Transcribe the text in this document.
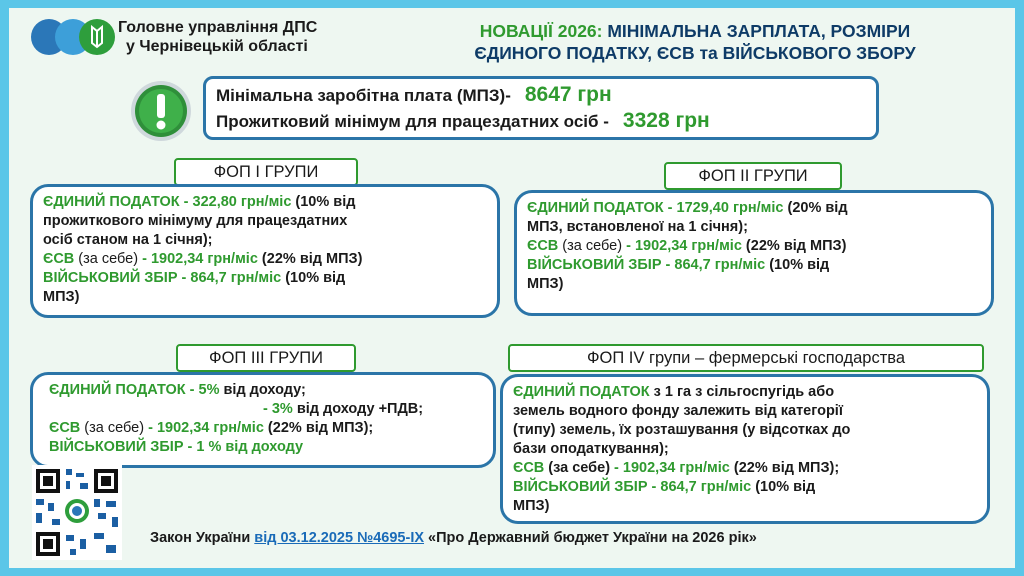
Головне управління ДПС
у Чернівецькій області
НОВАЦІЇ 2026: МІНІМАЛЬНА ЗАРПЛАТА, РОЗМІРИ
ЄДИНОГО ПОДАТКУ, ЄСВ та ВІЙСЬКОВОГО ЗБОРУ
Мінімальна заробітна плата (МПЗ)- 8647 грн
Прожитковий мінімум для працездатних осіб - 3328 грн
ФОП І ГРУПИ
ЄДИНИЙ ПОДАТОК - 322,80 грн/міс (10% від
прожиткового мінімуму для працездатних
осіб станом на 1 січня);
ЄСВ (за себе) - 1902,34 грн/міс (22% від МПЗ)
ВІЙСЬКОВИЙ ЗБІР - 864,7 грн/міс (10% від
МПЗ)
ФОП ІІ ГРУПИ
ЄДИНИЙ ПОДАТОК - 1729,40 грн/міс (20% від
МПЗ, встановленої на 1 січня);
ЄСВ (за себе) - 1902,34 грн/міс (22% від МПЗ)
ВІЙСЬКОВИЙ ЗБІР - 864,7 грн/міс (10% від
МПЗ)
ФОП ІІІ ГРУПИ
ЄДИНИЙ ПОДАТОК - 5% від доходу;
- 3% від доходу +ПДВ;
ЄСВ (за себе) - 1902,34 грн/міс (22% від МПЗ);
ВІЙСЬКОВИЙ ЗБІР - 1 % від доходу
ФОП IV групи – фермерські господарства
ЄДИНИЙ ПОДАТОК з 1 га з сільгоспугідь або
земель водного фонду залежить від категорії
(типу) земель, їх розташування (у відсотках до
бази оподаткування);
ЄСВ (за себе) - 1902,34 грн/міс (22% від МПЗ);
ВІЙСЬКОВИЙ ЗБІР - 864,7 грн/міс (10% від
МПЗ)
Закон України від 03.12.2025 №4695-IX «Про Державний бюджет України на 2026 рік»
